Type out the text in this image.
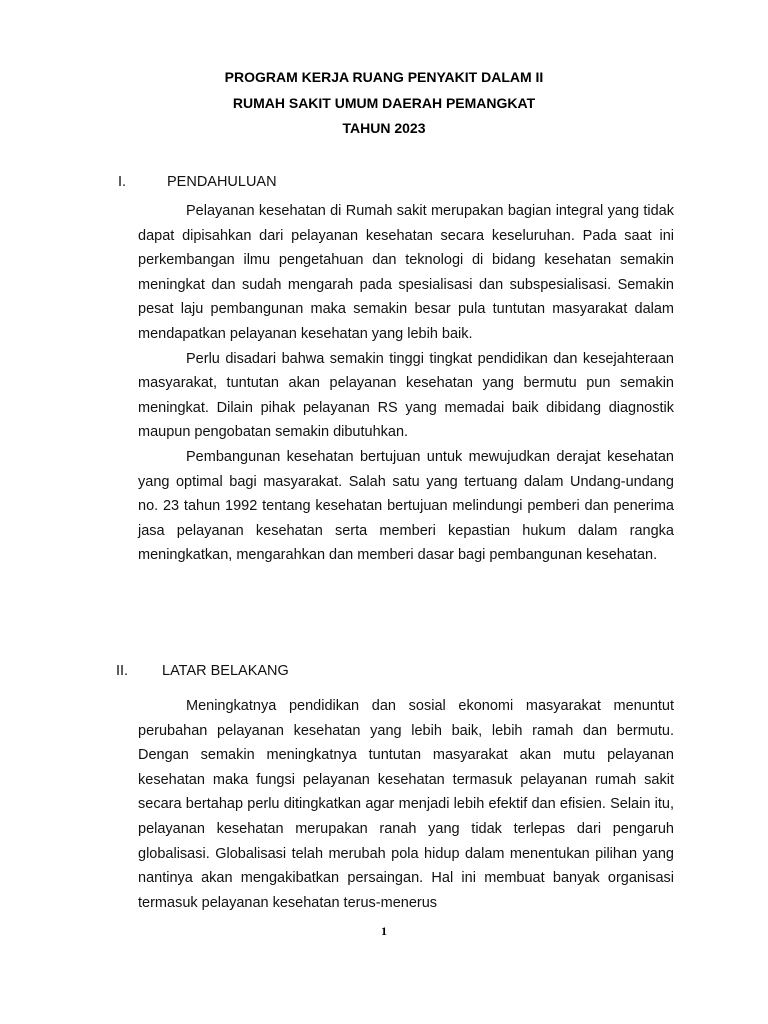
PROGRAM KERJA RUANG PENYAKIT DALAM II
RUMAH SAKIT UMUM DAERAH PEMANGKAT
TAHUN 2023
I.	PENDAHULUAN

Pelayanan kesehatan di Rumah sakit merupakan bagian integral yang tidak dapat dipisahkan dari pelayanan kesehatan secara keseluruhan. Pada saat ini perkembangan ilmu pengetahuan dan teknologi di bidang kesehatan semakin meningkat dan sudah mengarah pada spesialisasi dan subspesialisasi. Semakin pesat laju pembangunan maka semakin besar pula tuntutan masyarakat dalam mendapatkan pelayanan kesehatan yang lebih baik.

Perlu disadari bahwa semakin tinggi tingkat pendidikan dan kesejahteraan masyarakat, tuntutan akan pelayanan kesehatan yang bermutu pun semakin meningkat. Dilain pihak pelayanan RS yang memadai baik dibidang diagnostik maupun pengobatan semakin dibutuhkan.

Pembangunan kesehatan bertujuan untuk mewujudkan derajat kesehatan yang optimal bagi masyarakat. Salah satu yang tertuang dalam Undang-undang no. 23 tahun 1992 tentang kesehatan bertujuan melindungi pemberi dan penerima jasa pelayanan kesehatan serta memberi kepastian hukum dalam rangka meningkatkan, mengarahkan dan memberi dasar bagi pembangunan kesehatan.

II. LATAR BELAKANG

Meningkatnya pendidikan dan sosial ekonomi masyarakat menuntut perubahan pelayanan kesehatan yang lebih baik, lebih ramah dan bermutu. Dengan semakin meningkatnya tuntutan masyarakat akan mutu pelayanan kesehatan maka fungsi pelayanan kesehatan termasuk pelayanan rumah sakit secara bertahap perlu ditingkatkan agar menjadi lebih efektif dan efisien. Selain itu, pelayanan kesehatan merupakan ranah yang tidak terlepas dari pengaruh globalisasi. Globalisasi telah merubah pola hidup dalam menentukan pilihan yang nantinya akan mengakibatkan persaingan. Hal ini membuat banyak organisasi termasuk pelayanan kesehatan terus-menerus

1
